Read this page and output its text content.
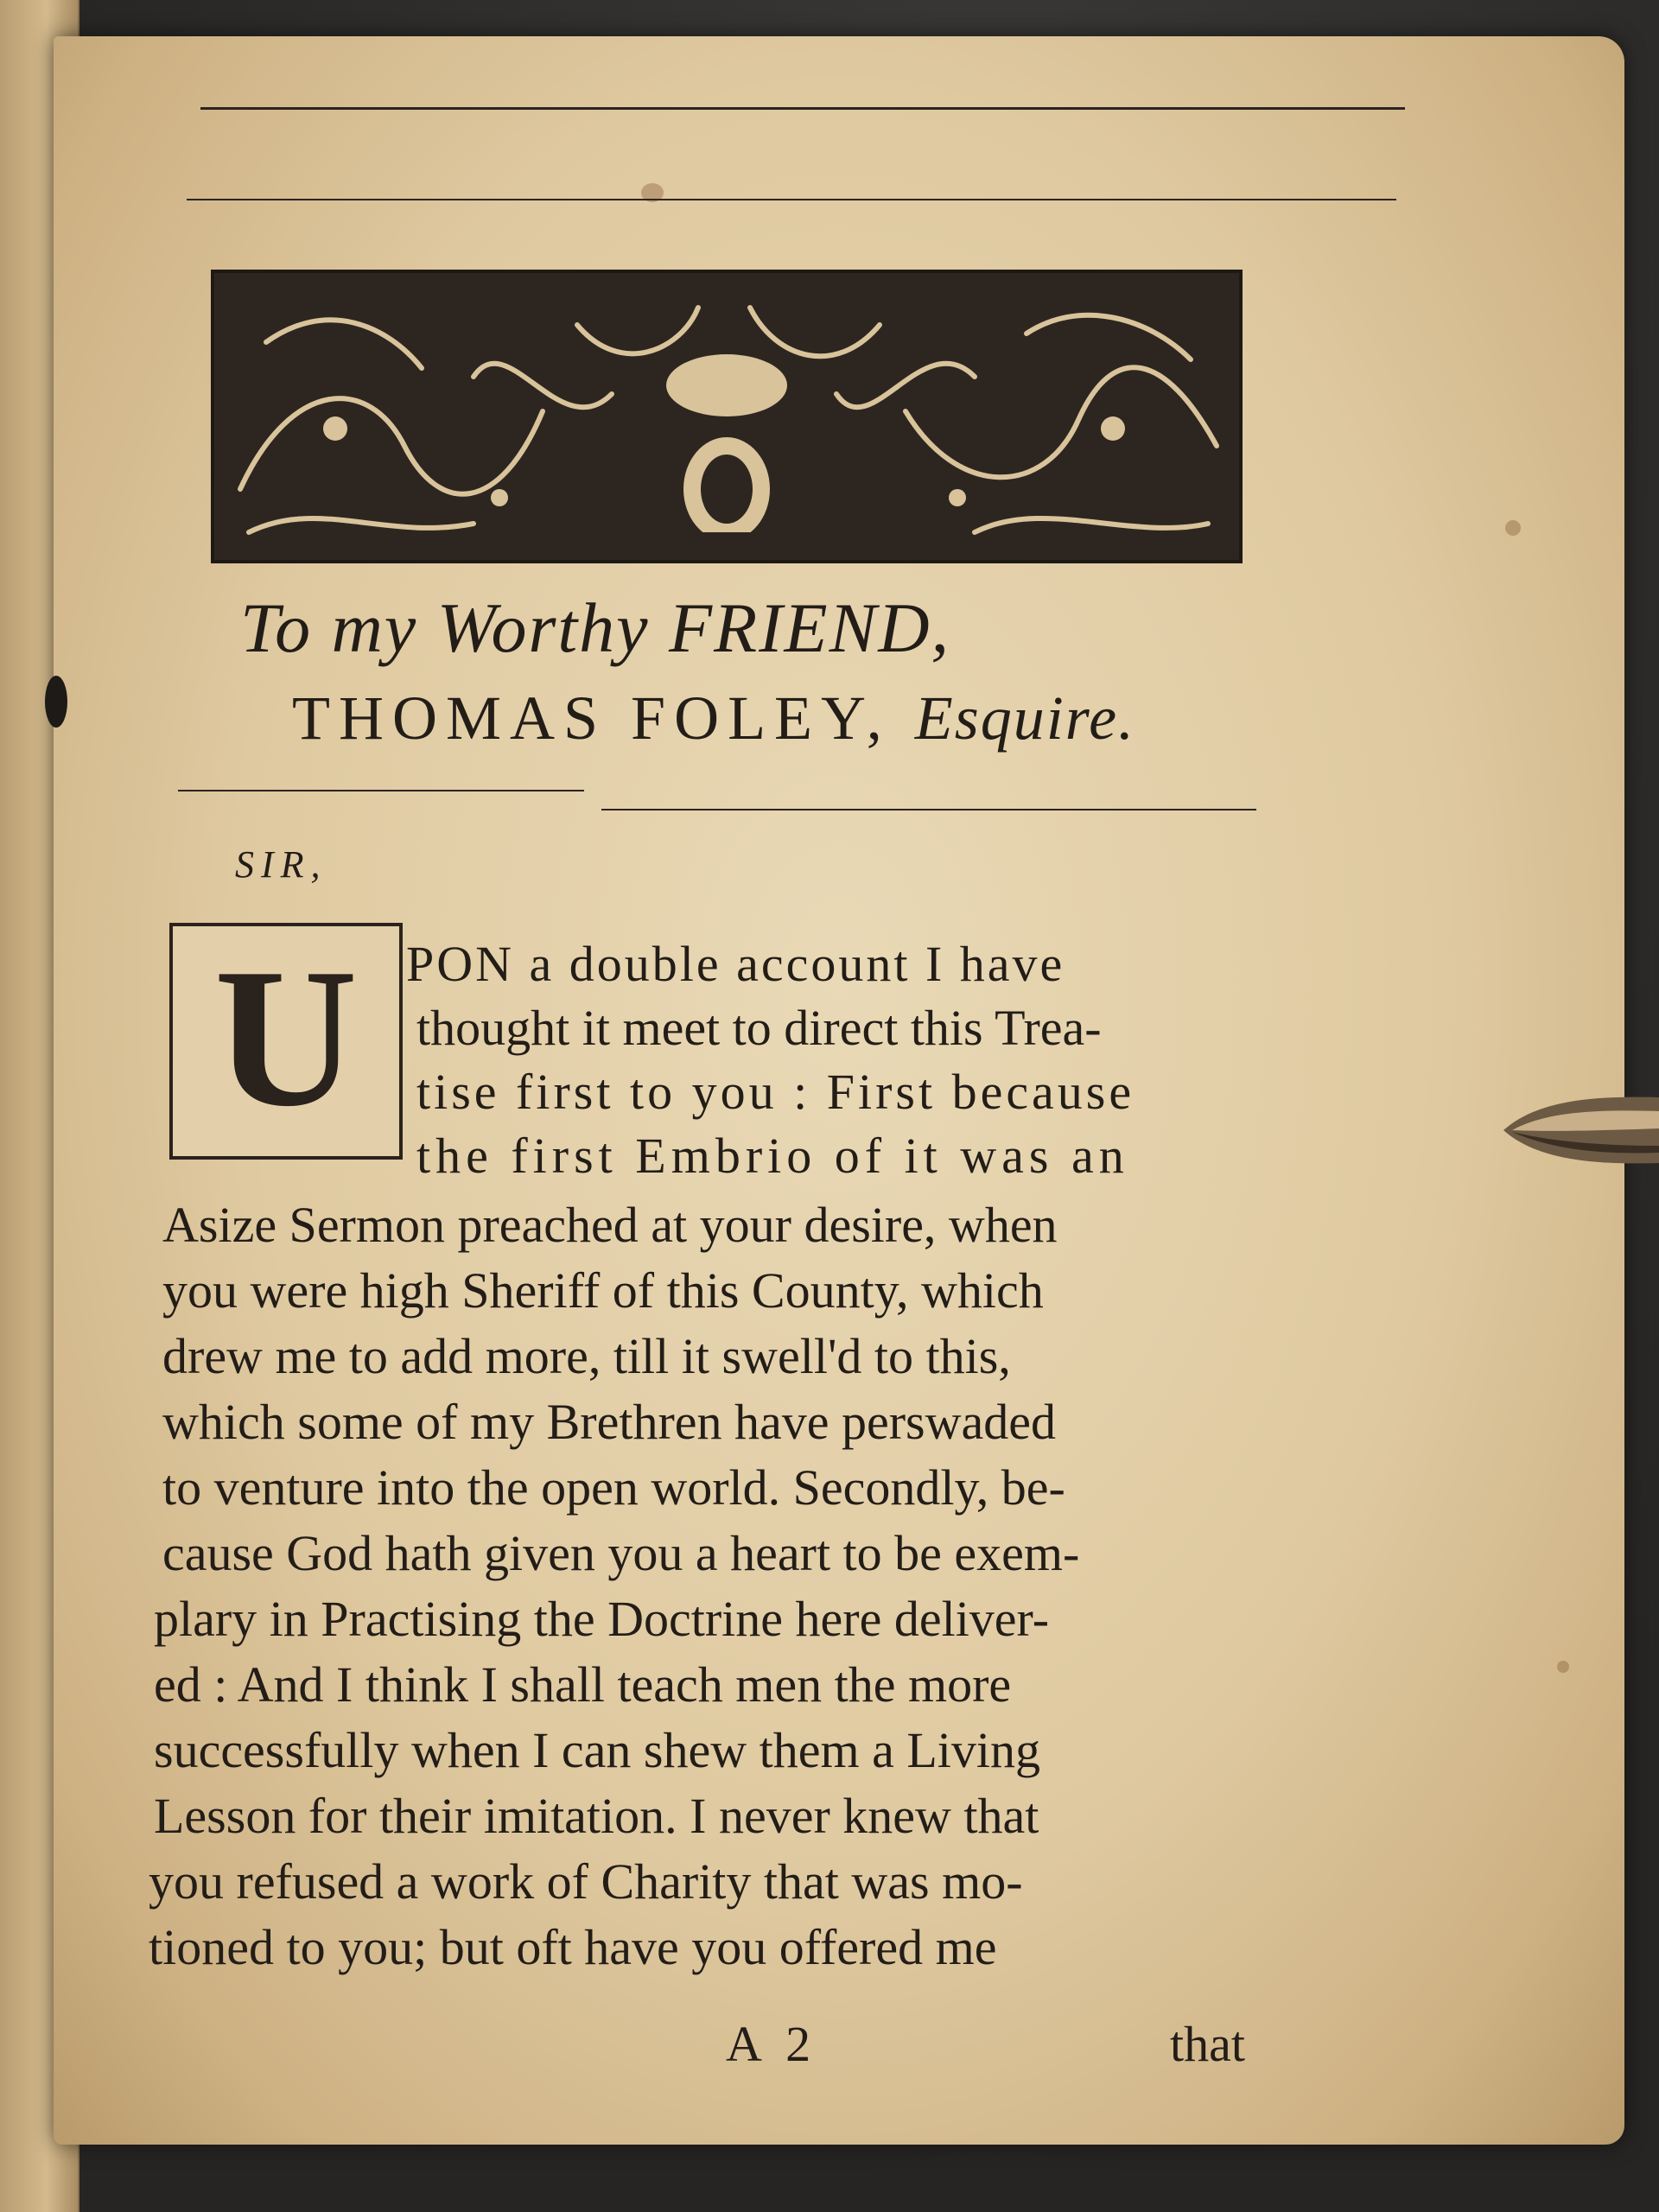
To my Worthy FRIEND,
THOMAS FOLEY, Esquire.
SIR,
U PON a double account I have
thought it meet to direct this Trea-
tise first to you : First because
the first Embrio of it was an
Asize Sermon preached at your desire, when
you were high Sheriff of this County, which
drew me to add more, till it swell'd to this,
which some of my Brethren have perswaded
to venture into the open world. Secondly, be-
cause God hath given you a heart to be exem-
plary in Practising the Doctrine here deliver-
ed : And I think I shall teach men the more
successfully when I can shew them a Living
Lesson for their imitation. I never knew that
you refused a work of Charity that was mo-
tioned to you; but oft have you offered me
A 2	that
